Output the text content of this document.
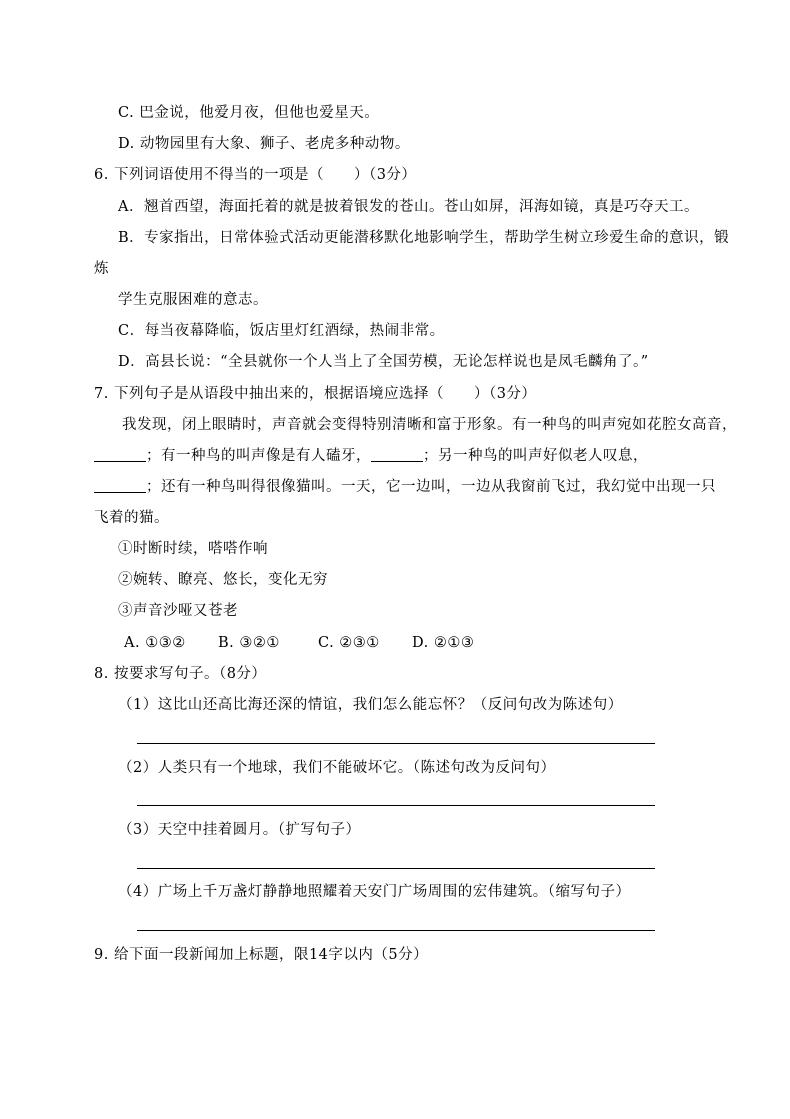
C. 巴金说，他爱月夜，但他也爱星天。
D. 动物园里有大象、狮子、老虎多种动物。
6. 下列词语使用不得当的一项是（　　）（3分）
A．翘首西望，海面托着的就是披着银发的苍山。苍山如屏，洱海如镜，真是巧夺天工。
B．专家指出，日常体验式活动更能潜移默化地影响学生，帮助学生树立珍爱生命的意识，锻
炼
学生克服困难的意志。
C．每当夜幕降临，饭店里灯红酒绿，热闹非常。
D．高县长说：“全县就你一个人当上了全国劳模，无论怎样说也是凤毛麟角了。”
7. 下列句子是从语段中抽出来的，根据语境应选择（　　）（3分）
我发现，闭上眼睛时，声音就会变得特别清晰和富于形象。有一种鸟的叫声宛如花腔女高音，
；有一种鸟的叫声像是有人磕牙，	；另一种鸟的叫声好似老人叹息，
；还有一种鸟叫得很像猫叫。一天，它一边叫，一边从我窗前飞过，我幻觉中出现一只
飞着的猫。
①时断时续，嗒嗒作响
②婉转、瞭亮、悠长，变化无穷
③声音沙哑又苍老
A. ①③② B. ③②①	C. ②③① D. ②①③
8. 按要求写句子。（8分）
（1）这比山还高比海还深的情谊，我们怎么能忘怀？（反问句改为陈述句）
（2）人类只有一个地球，我们不能破坏它。（陈述句改为反问句）
（3）天空中挂着圆月。（扩写句子）
（4）广场上千万盏灯静静地照耀着天安门广场周围的宏伟建筑。（缩写句子）
9. 给下面一段新闻加上标题，限14字以内（5分）
